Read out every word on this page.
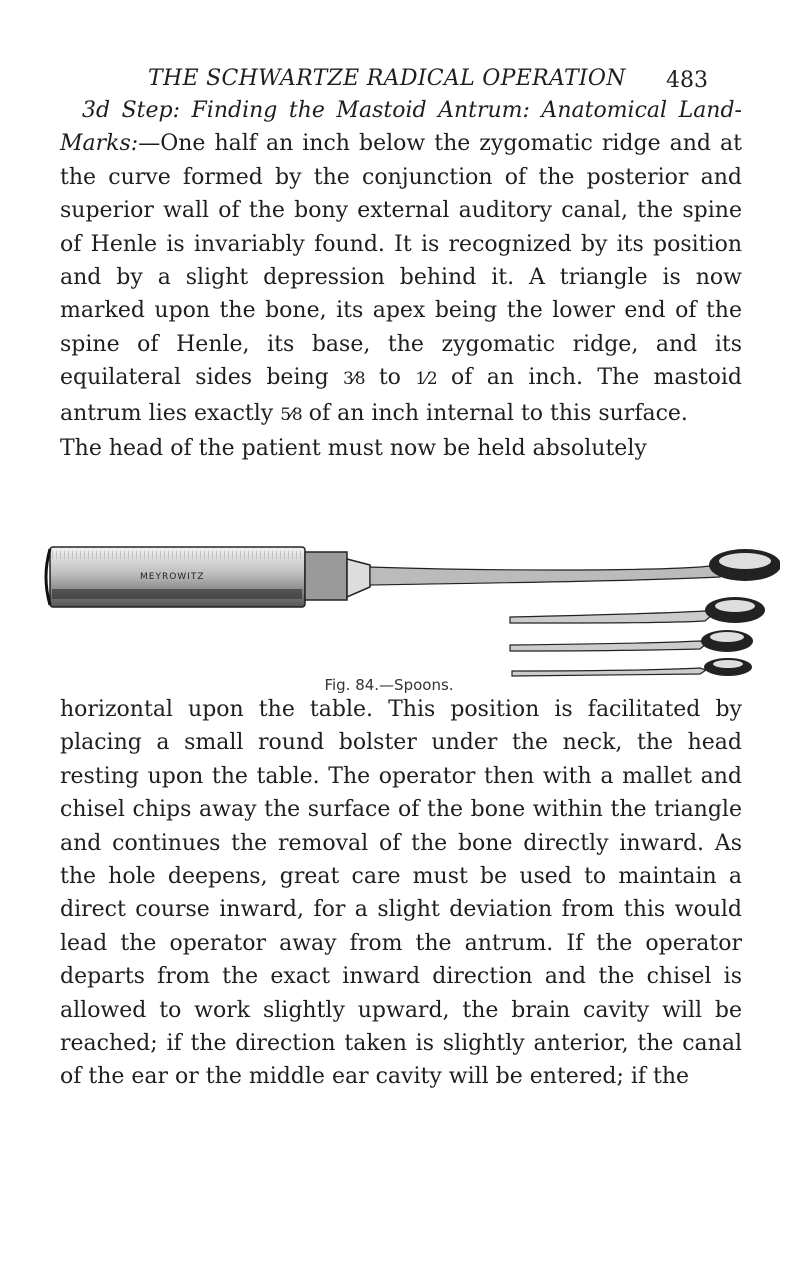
THE SCHWARTZE RADICAL OPERATION 483

3d Step: Finding the Mastoid Antrum: Anatomical Land-Marks:—One half an inch below the zygomatic ridge and at the curve formed by the conjunction of the posterior and superior wall of the bony external auditory canal, the spine of Henle is invariably found. It is recognized by its position and by a slight depression behind it. A triangle is now marked upon the bone, its apex being the lower end of the spine of Henle, its base, the zygomatic ridge, and its equilateral sides being 3⁄8 to 1⁄2 of an inch. The mastoid antrum lies exactly 5⁄8 of an inch internal to this surface.
The head of the patient must now be held absolutely

MEYROWITZ
Fig. 84.—Spoons.

horizontal upon the table. This position is facilitated by placing a small round bolster under the neck, the head resting upon the table. The operator then with a mallet and chisel chips away the surface of the bone within the triangle and continues the removal of the bone directly inward. As the hole deepens, great care must be used to maintain a direct course inward, for a slight deviation from this would lead the operator away from the antrum. If the operator departs from the exact inward direction and the chisel is allowed to work slightly upward, the brain cavity will be reached; if the direction taken is slightly anterior, the canal of the ear or the middle ear cavity will be entered; if the
